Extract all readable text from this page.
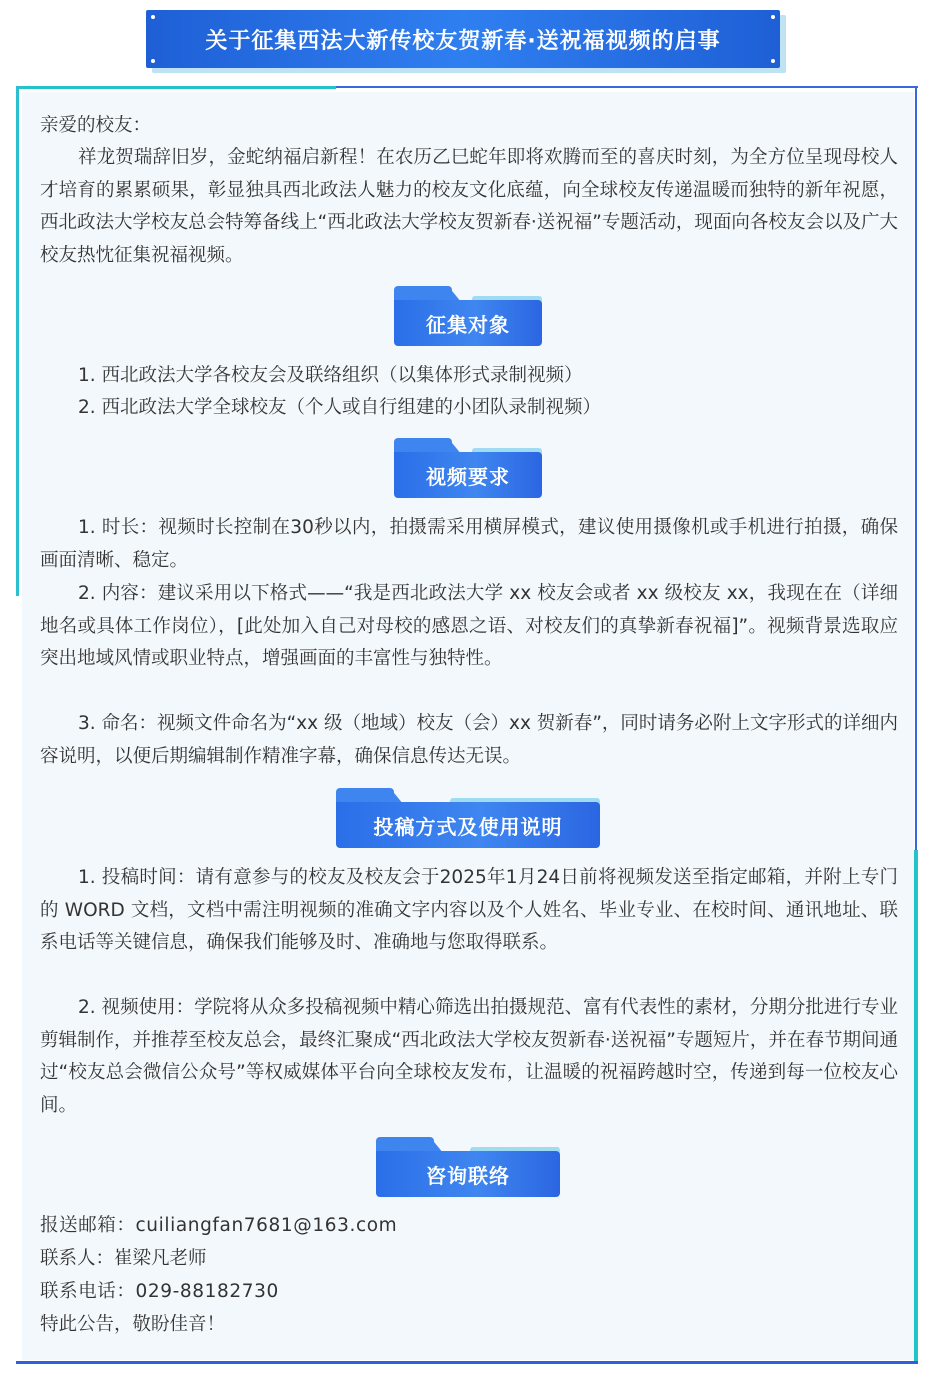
关于征集西法大新传校友贺新春·送祝福视频的启事
亲爱的校友：
祥龙贺瑞辞旧岁，金蛇纳福启新程！在农历乙巳蛇年即将欢腾而至的喜庆时刻，为全方位呈现母校人才培育的累累硕果，彰显独具西北政法人魅力的校友文化底蕴，向全球校友传递温暖而独特的新年祝愿，西北政法大学校友总会特筹备线上“西北政法大学校友贺新春·送祝福”专题活动，现面向各校友会以及广大校友热忱征集祝福视频。
征集对象
1. 西北政法大学各校友会及联络组织（以集体形式录制视频）
2. 西北政法大学全球校友（个人或自行组建的小团队录制视频）
视频要求
1. 时长：视频时长控制在30秒以内，拍摄需采用横屏模式，建议使用摄像机或手机进行拍摄，确保画面清晰、稳定。
2. 内容：建议采用以下格式——“我是西北政法大学 xx 校友会或者 xx 级校友 xx，我现在在（详细地名或具体工作岗位），[此处加入自己对母校的感恩之语、对校友们的真挚新春祝福]”。视频背景选取应突出地域风情或职业特点，增强画面的丰富性与独特性。
3. 命名：视频文件命名为“xx 级（地域）校友（会）xx 贺新春”，同时请务必附上文字形式的详细内容说明，以便后期编辑制作精准字幕，确保信息传达无误。
投稿方式及使用说明
1. 投稿时间：请有意参与的校友及校友会于2025年1月24日前将视频发送至指定邮箱，并附上专门的 WORD 文档，文档中需注明视频的准确文字内容以及个人姓名、毕业专业、在校时间、通讯地址、联系电话等关键信息，确保我们能够及时、准确地与您取得联系。
2. 视频使用：学院将从众多投稿视频中精心筛选出拍摄规范、富有代表性的素材，分期分批进行专业剪辑制作，并推荐至校友总会，最终汇聚成“西北政法大学校友贺新春·送祝福”专题短片，并在春节期间通过“校友总会微信公众号”等权威媒体平台向全球校友发布，让温暖的祝福跨越时空，传递到每一位校友心间。
咨询联络
报送邮箱：cuiliangfan7681@163.com
联系人：崔梁凡老师
联系电话：029-88182730
特此公告，敬盼佳音！
